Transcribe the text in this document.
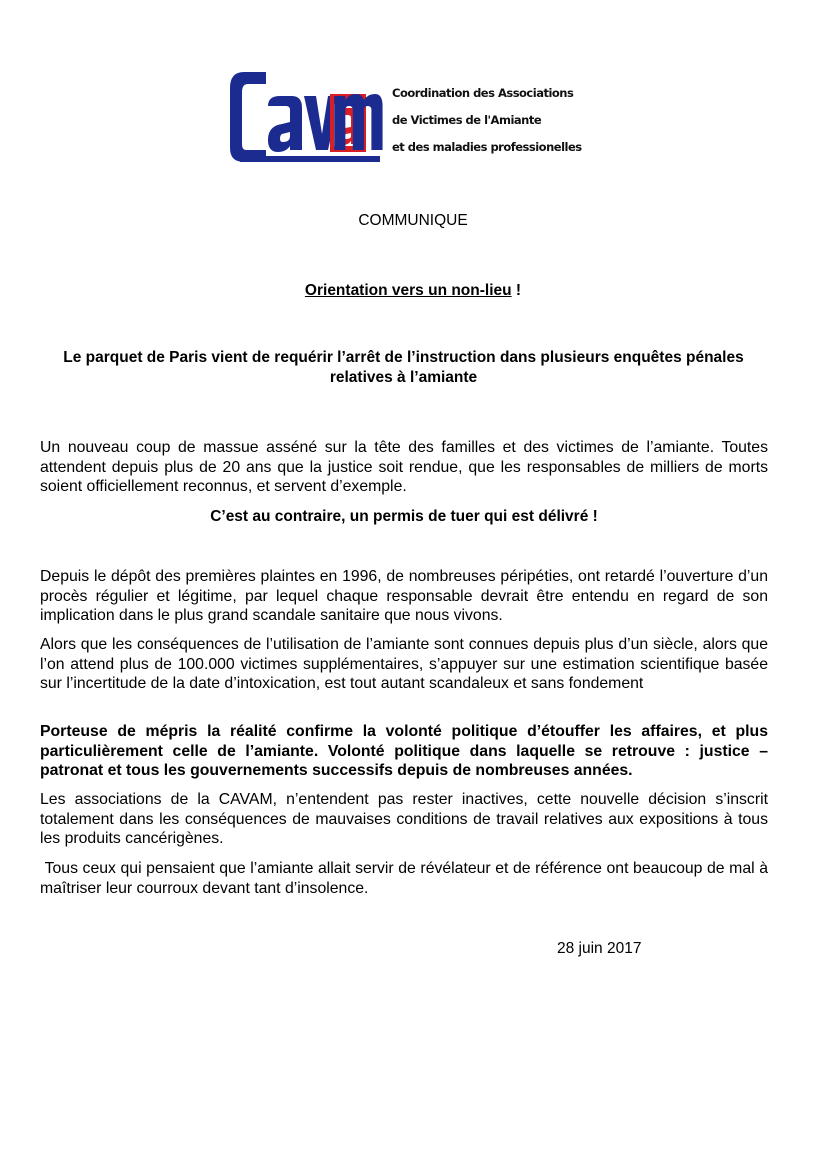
Coordination des Associations
de Victimes de l'Amiante
et des maladies professionelles
COMMUNIQUE
Orientation vers un non-lieu !
Le parquet de Paris vient de requérir l’arrêt de l’instruction dans plusieurs enquêtes pénales relatives à l’amiante
Un nouveau coup de massue asséné sur la tête des familles et des victimes de l’amiante. Toutes attendent depuis plus de 20 ans que la justice soit rendue, que les responsables de milliers de morts soient officiellement reconnus, et servent d’exemple.
C’est au contraire, un permis de tuer qui est délivré !
Depuis le dépôt des premières plaintes en 1996, de nombreuses péripéties, ont retardé l’ouverture d’un procès régulier et légitime, par lequel chaque responsable devrait être entendu en regard de son implication dans le plus grand scandale sanitaire que nous vivons.
Alors que les conséquences de l’utilisation de l’amiante sont connues depuis plus d’un siècle, alors que l’on attend plus de 100.000 victimes supplémentaires, s’appuyer sur une estimation scientifique basée sur l’incertitude de la date d’intoxication, est tout autant scandaleux et sans fondement
Porteuse de mépris la réalité confirme la volonté politique d’étouffer les affaires, et plus particulièrement celle de l’amiante. Volonté politique dans laquelle se retrouve : justice – patronat et tous les gouvernements successifs depuis de nombreuses années.
Les associations de la CAVAM, n’entendent pas rester inactives, cette nouvelle décision s’inscrit totalement dans les conséquences de mauvaises conditions de travail relatives aux expositions à tous les produits cancérigènes.
Tous ceux qui pensaient que l’amiante allait servir de révélateur et de référence ont beaucoup de mal à maîtriser leur courroux devant tant d’insolence.
28 juin 2017
